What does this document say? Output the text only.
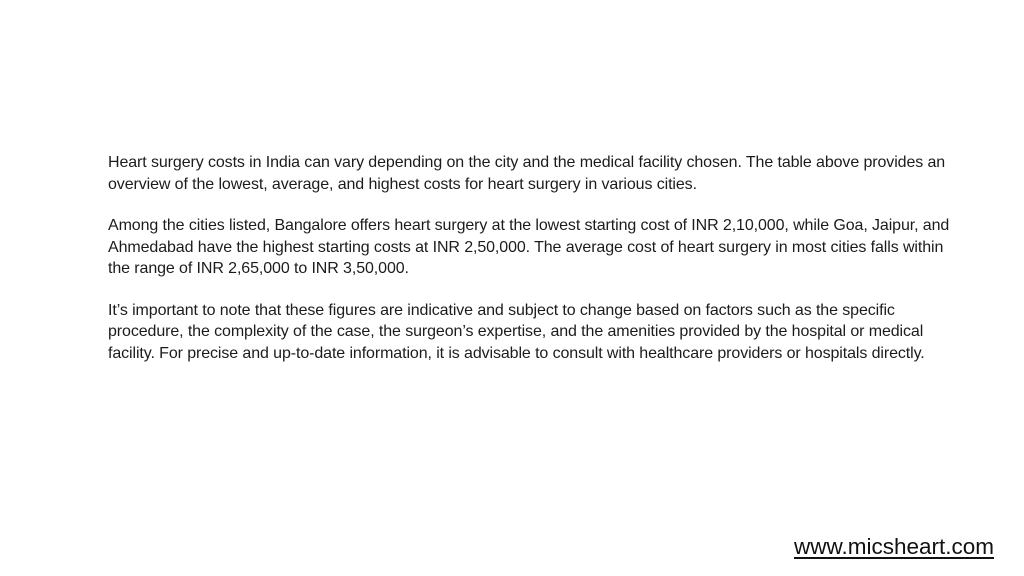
Heart surgery costs in India can vary depending on the city and the medical facility chosen. The table above provides an overview of the lowest, average, and highest costs for heart surgery in various cities.

Among the cities listed, Bangalore offers heart surgery at the lowest starting cost of INR 2,10,000, while Goa, Jaipur, and Ahmedabad have the highest starting costs at INR 2,50,000. The average cost of heart surgery in most cities falls within the range of INR 2,65,000 to INR 3,50,000.

It’s important to note that these figures are indicative and subject to change based on factors such as the specific procedure, the complexity of the case, the surgeon’s expertise, and the amenities provided by the hospital or medical facility. For precise and up-to-date information, it is advisable to consult with healthcare providers or hospitals directly.

www.micsheart.com
